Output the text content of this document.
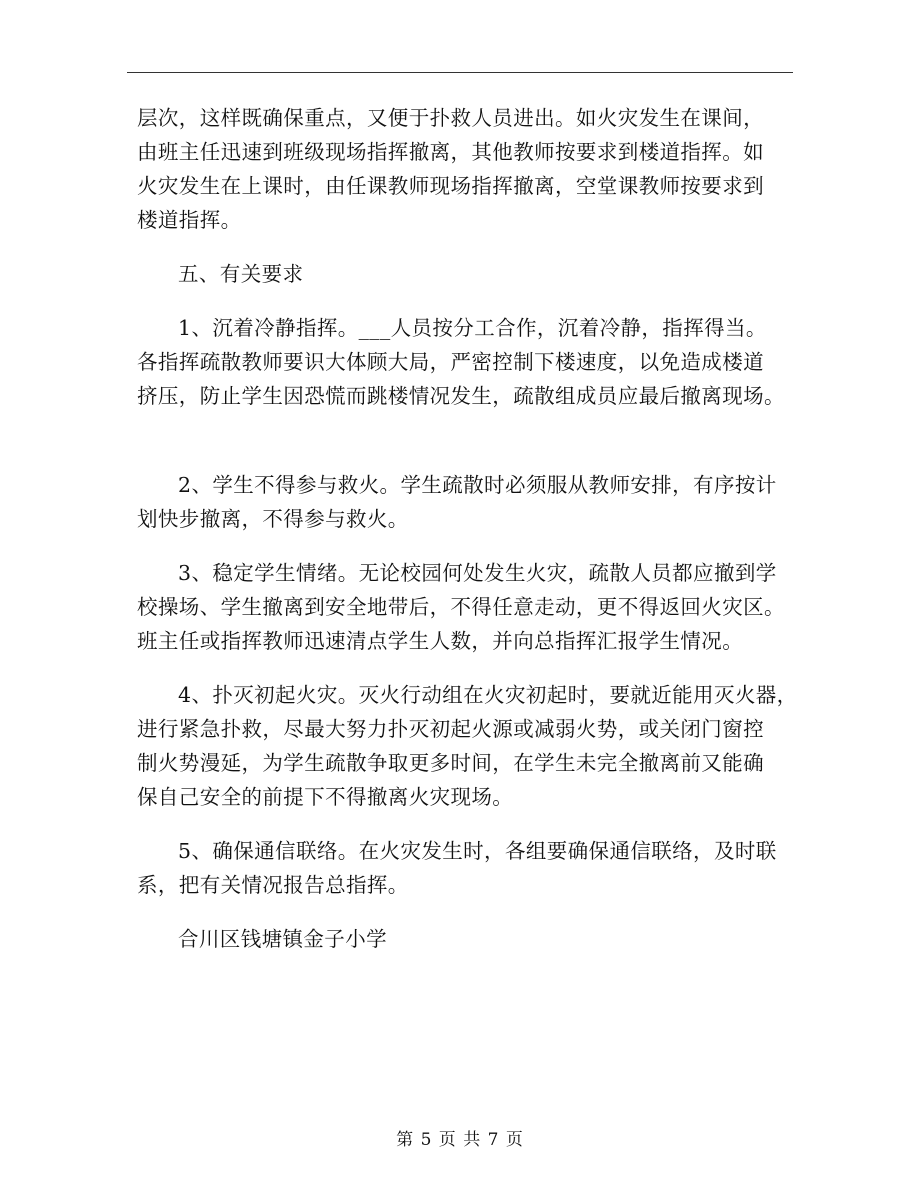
层次，这样既确保重点，又便于扑救人员进出。如火灾发生在课间，
由班主任迅速到班级现场指挥撤离，其他教师按要求到楼道指挥。如
火灾发生在上课时，由任课教师现场指挥撤离，空堂课教师按要求到
楼道指挥。
五、有关要求
1、沉着冷静指挥。___人员按分工合作，沉着冷静，指挥得当。
各指挥疏散教师要识大体顾大局，严密控制下楼速度，以免造成楼道
挤压，防止学生因恐慌而跳楼情况发生，疏散组成员应最后撤离现场。
2、学生不得参与救火。学生疏散时必须服从教师安排，有序按计
划快步撤离，不得参与救火。
3、稳定学生情绪。无论校园何处发生火灾，疏散人员都应撤到学
校操场、学生撤离到安全地带后，不得任意走动，更不得返回火灾区。
班主任或指挥教师迅速清点学生人数，并向总指挥汇报学生情况。
4、扑灭初起火灾。灭火行动组在火灾初起时，要就近能用灭火器，
进行紧急扑救，尽最大努力扑灭初起火源或减弱火势，或关闭门窗控
制火势漫延，为学生疏散争取更多时间，在学生未完全撤离前又能确
保自己安全的前提下不得撤离火灾现场。
5、确保通信联络。在火灾发生时，各组要确保通信联络，及时联
系，把有关情况报告总指挥。
合川区钱塘镇金子小学
第 5 页 共 7 页
